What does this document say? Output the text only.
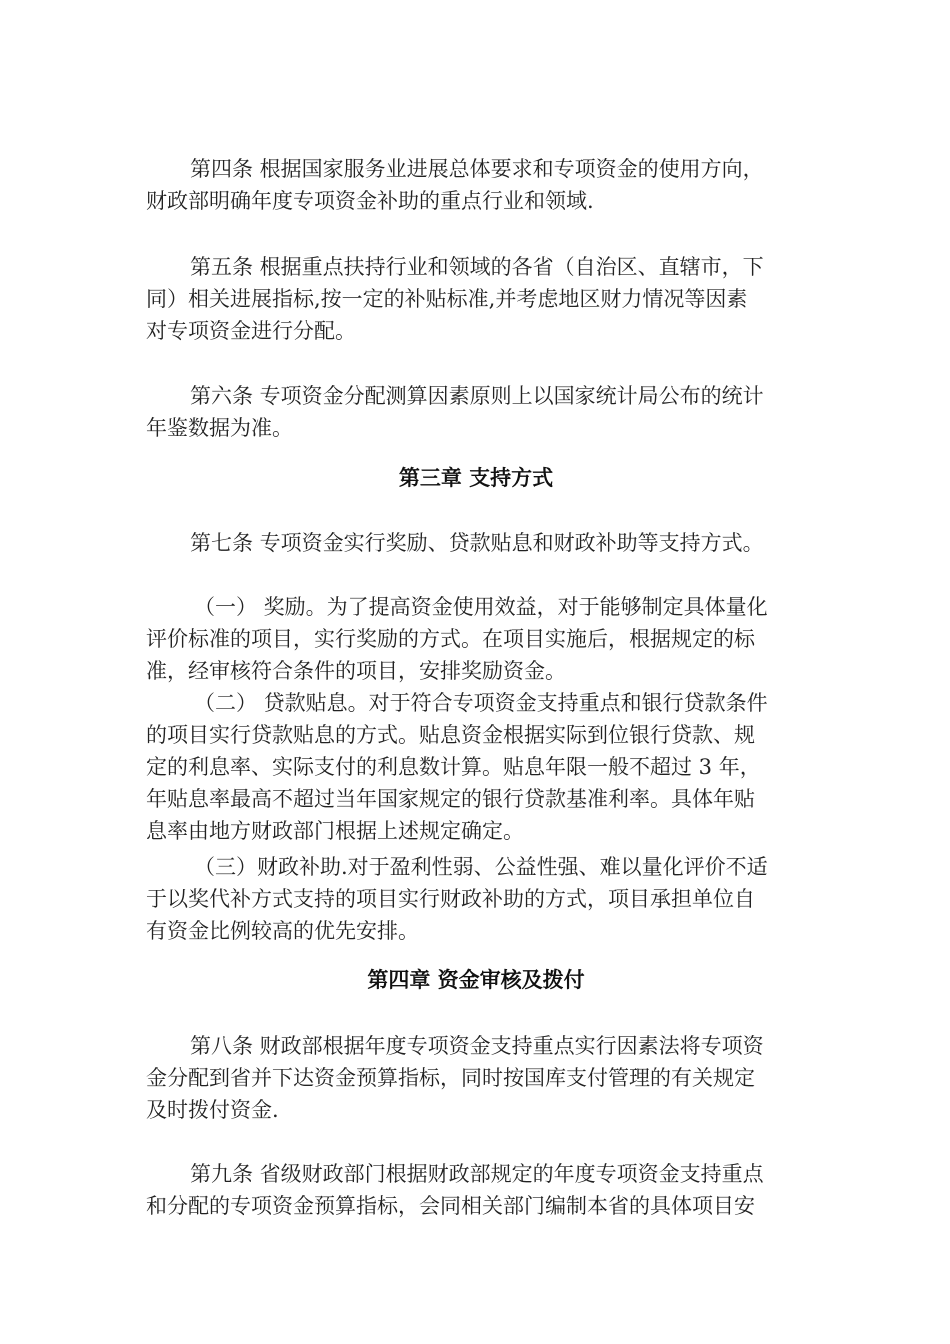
第四条 根据国家服务业进展总体要求和专项资金的使用方向，
财政部明确年度专项资金补助的重点行业和领域.
第五条 根据重点扶持行业和领域的各省（自治区、直辖市，下
同）相关进展指标,按一定的补贴标准,并考虑地区财力情况等因素
对专项资金进行分配。
第六条 专项资金分配测算因素原则上以国家统计局公布的统计
年鉴数据为准。
第三章 支持方式
第七条 专项资金实行奖励、贷款贴息和财政补助等支持方式。
（一） 奖励。为了提高资金使用效益，对于能够制定具体量化
评价标准的项目，实行奖励的方式。在项目实施后，根据规定的标
准，经审核符合条件的项目，安排奖励资金。
（二） 贷款贴息。对于符合专项资金支持重点和银行贷款条件
的项目实行贷款贴息的方式。贴息资金根据实际到位银行贷款、规
定的利息率、实际支付的利息数计算。贴息年限一般不超过 3 年，
年贴息率最高不超过当年国家规定的银行贷款基准利率。具体年贴
息率由地方财政部门根据上述规定确定。
（三）财政补助.对于盈利性弱、公益性强、难以量化评价不适
于以奖代补方式支持的项目实行财政补助的方式，项目承担单位自
有资金比例较高的优先安排。
第四章 资金审核及拨付
第八条 财政部根据年度专项资金支持重点实行因素法将专项资
金分配到省并下达资金预算指标，同时按国库支付管理的有关规定
及时拨付资金.
第九条 省级财政部门根据财政部规定的年度专项资金支持重点
和分配的专项资金预算指标，会同相关部门编制本省的具体项目安
